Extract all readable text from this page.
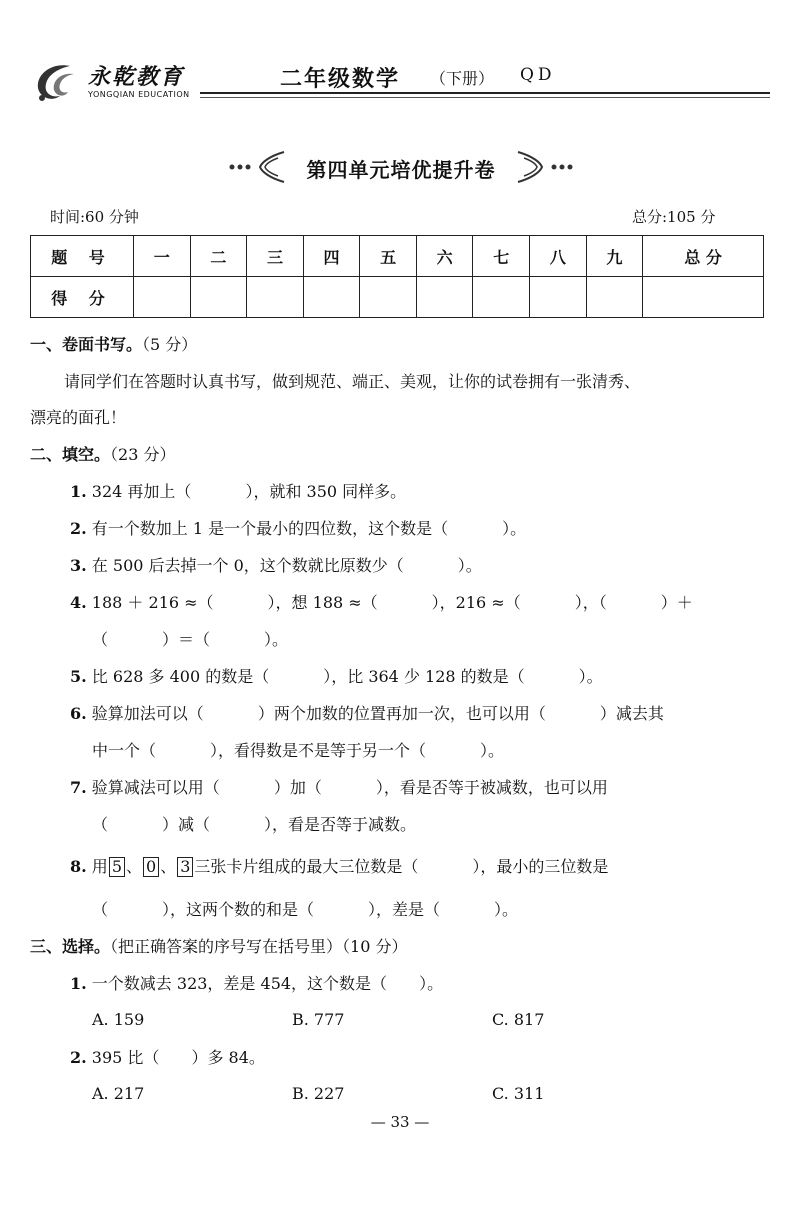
永乾教育
YONGQIAN EDUCATION
二年级数学 （下册） QD
第四单元培优提升卷
时间:60 分钟	总分:105 分
题 号	一	二	三	四	五	六	七	八	九	总 分
得 分										
一、卷面书写。（5 分）
请同学们在答题时认真书写，做到规范、端正、美观，让你的试卷拥有一张清秀、
漂亮的面孔！
二、填空。（23 分）
1. 324 再加上（	），就和 350 同样多。
2. 有一个数加上 1 是一个最小的四位数，这个数是（	）。
3. 在 500 后去掉一个 0，这个数就比原数少（	）。
4. 188 ＋ 216 ≈（	），想 188 ≈（	），216 ≈（	），（	）＋
（	）＝（	）。
5. 比 628 多 400 的数是（	），比 364 少 128 的数是（	）。
6. 验算加法可以（	）两个加数的位置再加一次，也可以用（	）减去其
中一个（	），看得数是不是等于另一个（	）。
7. 验算减法可以用（	）加（	），看是否等于被减数，也可以用
（	）减（	），看是否等于减数。
8. 用 5 、 0 、 3 三张卡片组成的最大三位数是（	），最小的三位数是
（	），这两个数的和是（	），差是（	）。
三、选择。（把正确答案的序号写在括号里）（10 分）
1. 一个数减去 323，差是 454，这个数是（ ）。
A. 159	B. 777	C. 817
2. 395 比（ ）多 84。
A. 217	B. 227	C. 311
— 33 —
